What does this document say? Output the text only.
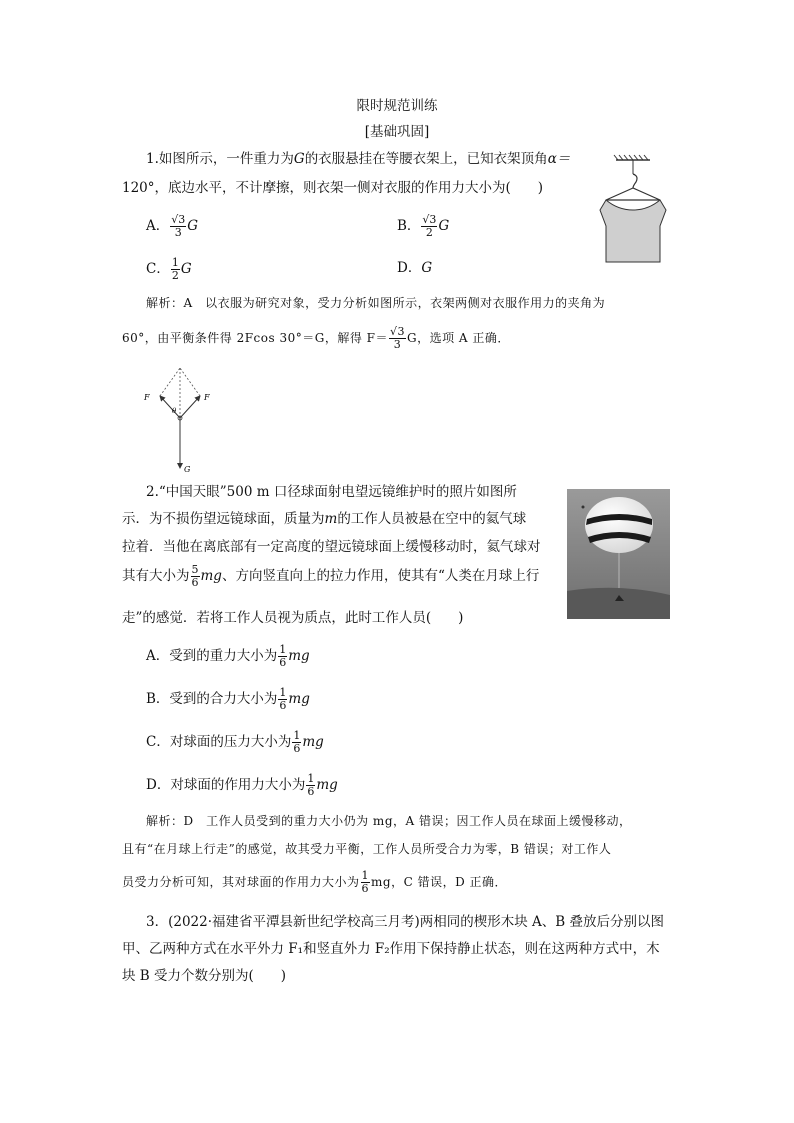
限时规范训练
[基础巩固]
1.如图所示，一件重力为G的衣服悬挂在等腰衣架上，已知衣架顶角α＝
120°，底边水平，不计摩擦，则衣架一侧对衣服的作用力大小为(　　)
A． $\frac{√3}{3}$ G	B． $\frac{√3}{2}$ G
C． $\frac{1}{2}$ G	D．G
解析：A　以衣服为研究对象，受力分析如图所示，衣架两侧对衣服作用力的夹角为
60°，由平衡条件得 2Fcos 30°＝G，解得 $F= \frac{√3}{3}$ G，选项 A 正确．
F	F
θ
G
2.“中国天眼”500 m 口径球面射电望远镜维护时的照片如图所
示．为不损伤望远镜球面，质量为m的工作人员被悬在空中的氦气球
拉着．当他在离底部有一定高度的望远镜球面上缓慢移动时，氦气球对
其有大小为 $\frac{5}{6}$ mg、方向竖直向上的拉力作用，使其有“人类在月球上行
走”的感觉．若将工作人员视为质点，此时工作人员(　　)
A．受到的重力大小为 $\frac{1}{6}$ mg
B．受到的合力大小为 $\frac{1}{6}$ mg
C．对球面的压力大小为 $\frac{1}{6}$ mg
D．对球面的作用力大小为 $\frac{1}{6}$ mg
解析：D　工作人员受到的重力大小仍为 mg，A 错误；因工作人员在球面上缓慢移动，
且有“在月球上行走”的感觉，故其受力平衡，工作人员所受合力为零，B 错误；对工作人
员受力分析可知，其对球面的作用力大小为 $\frac{1}{6}$ mg，C 错误，D 正确．
3．(2022·福建省平潭县新世纪学校高三月考)两相同的楔形木块 A、B 叠放后分别以图
甲、乙两种方式在水平外力 F₁和竖直外力 F₂作用下保持静止状态，则在这两种方式中，木
块 B 受力个数分别为(　　)
